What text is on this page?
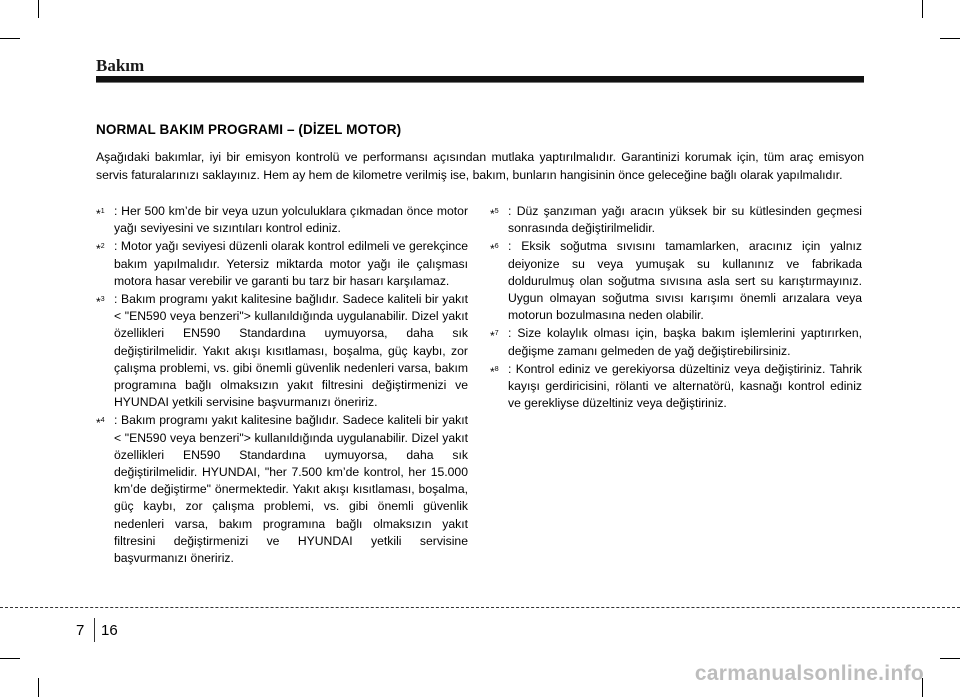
Bakım
NORMAL BAKIM PROGRAMI – (DİZEL MOTOR)
Aşağıdaki bakımlar, iyi bir emisyon kontrolü ve performansı açısından mutlaka yaptırılmalıdır. Garantinizi korumak için, tüm araç emisyon servis faturalarınızı saklayınız. Hem ay hem de kilometre verilmiş ise, bakım, bunların hangisinin önce geleceğine bağlı olarak yapılmalıdır.
*$^1$ : Her 500 km’de bir veya uzun yolculuklara çıkmadan önce motor yağı seviyesini ve sızıntıları kontrol ediniz.
*$^2$ : Motor yağı seviyesi düzenli olarak kontrol edilmeli ve gerekçince bakım yapılmalıdır. Yetersiz miktarda motor yağı ile çalışması motora hasar verebilir ve garanti bu tarz bir hasarı karşılamaz.
*$^3$ : Bakım programı yakıt kalitesine bağlıdır. Sadece kaliteli bir yakıt < "EN590 veya benzeri"> kullanıldığında uygulanabilir. Dizel yakıt özellikleri EN590 Standardına uymuyorsa, daha sık değiştirilmelidir. Yakıt akışı kısıtlaması, boşalma, güç kaybı, zor çalışma problemi, vs. gibi önemli güvenlik nedenleri varsa, bakım programına bağlı olmaksızın yakıt filtresini değiştirmenizi ve HYUNDAI yetkili servisine başvurmanızı öneririz.
*$^4$ : Bakım programı yakıt kalitesine bağlıdır. Sadece kaliteli bir yakıt < "EN590 veya benzeri"> kullanıldığında uygulanabilir. Dizel yakıt özellikleri EN590 Standardına uymuyorsa, daha sık değiştirilmelidir. HYUNDAI, "her 7.500 km’de kontrol, her 15.000 km’de değiştirme" önermektedir. Yakıt akışı kısıtlaması, boşalma, güç kaybı, zor çalışma problemi, vs. gibi önemli güvenlik nedenleri varsa, bakım programına bağlı olmaksızın yakıt filtresini değiştirmenizi ve HYUNDAI yetkili servisine başvurmanızı öneririz.
*$^5$ : Düz şanzıman yağı aracın yüksek bir su kütlesinden geçmesi sonrasında değiştirilmelidir.
*$^6$ : Eksik soğutma sıvısını tamamlarken, aracınız için yalnız deiyonize su veya yumuşak su kullanınız ve fabrikada doldurulmuş olan soğutma sıvısına asla sert su karıştırmayınız. Uygun olmayan soğutma sıvısı karışımı önemli arızalara veya motorun bozulmasına neden olabilir.
*$^7$ : Size kolaylık olması için, başka bakım işlemlerini yaptırırken, değişme zamanı gelmeden de yağ değiştirebilirsiniz.
*$^8$ : Kontrol ediniz ve gerekiyorsa düzeltiniz veya değiştiriniz. Tahrik kayışı gerdiricisini, rölanti ve alternatörü, kasnağı kontrol ediniz ve gerekliyse düzeltiniz veya değiştiriniz.
7 16
carmanualsonline.info
